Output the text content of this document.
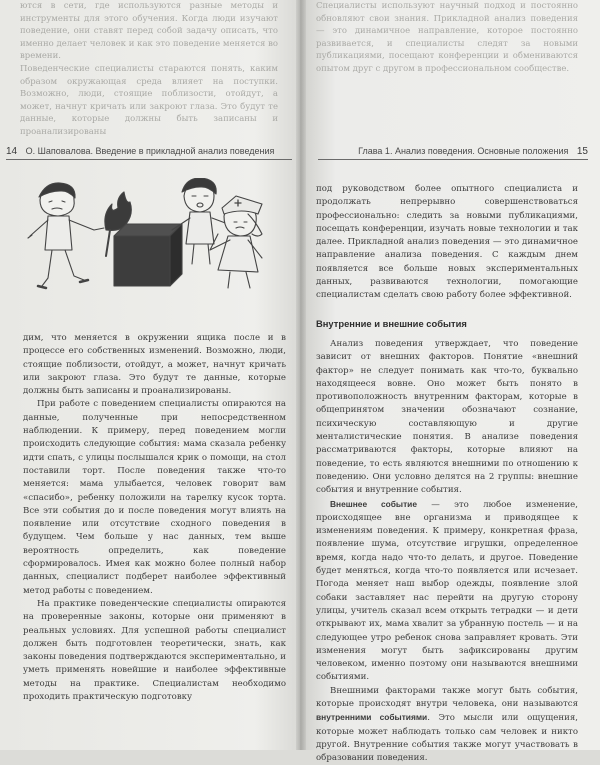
ются в сети, где используются разные методы и инструменты для этого обучения. Когда люди изучают поведение, они ставят перед собой задачу описать, что именно делает человек и как это поведение меняется во времени.

Поведенческие специалисты стараются понять, каким образом окружающая среда влияет на поступки. Возможно, люди, стоящие поблизости, отойдут, а может, начнут кричать или закроют глаза. Это будут те данные, которые должны быть записаны и проанализированы

Специалисты используют научный подход и постоянно обновляют свои знания. Прикладной анализ поведения — это динамичное направление, которое постоянно развивается, и специалисты следят за новыми публикациями, посещают конференции и обмениваются опытом друг с другом в профессиональном сообществе.

14 О. Шаповалова. Введение в прикладной анализ поведения	Глава 1. Анализ поведения. Основные положения 15

дим, что меняется в окружении ящика после и в процессе его собственных изменений. Возможно, люди, стоящие поблизости, отойдут, а может, начнут кричать или закроют глаза. Это будут те данные, которые должны быть записаны и проанализированы.

При работе с поведением специалисты опираются на данные, полученные при непосредственном наблюдении. К примеру, перед поведением могли происходить следующие события: мама сказала ребенку идти спать, с улицы послышался крик о помощи, на стол поставили торт. После поведения также что-то меняется: мама улыбается, человек говорит вам «спасибо», ребенку положили на тарелку кусок торта. Все эти события до и после поведения могут влиять на появление или отсутствие сходного поведения в будущем. Чем больше у нас данных, тем выше вероятность определить, как поведение сформировалось. Имея как можно более полный набор данных, специалист подберет наиболее эффективный метод работы с поведением.

На практике поведенческие специалисты опираются на проверенные законы, которые они применяют в реальных условиях. Для успешной работы специалист должен быть подготовлен теоретически, знать, как законы поведения подтверждаются экспериментально, и уметь применять новейшие и наиболее эффективные методы на практике. Специалистам необходимо проходить практическую подготовку

под руководством более опытного специалиста и продолжать непрерывно совершенствоваться профессионально: следить за новыми публикациями, посещать конференции, изучать новые технологии и так далее. Прикладной анализ поведения — это динамичное направление анализа поведения. С каждым днем появляется все больше новых экспериментальных данных, развиваются технологии, помогающие специалистам сделать свою работу более эффективной.

Внутренние и внешние события

Анализ поведения утверждает, что поведение зависит от внешних факторов. Понятие «внешний фактор» не следует понимать как что-то, буквально находящееся вовне. Оно может быть понято в противоположность внутренним факторам, которые в общепринятом значении обозначают сознание, психическую составляющую и другие менталистические понятия. В анализе поведения рассматриваются факторы, которые влияют на поведение, то есть являются внешними по отношению к поведению. Они условно делятся на 2 группы: внешние события и внутренние события.

Внешнее событие — это любое изменение, происходящее вне организма и приводящее к изменениям поведения. К примеру, конкретная фраза, появление шума, отсутствие игрушки, определенное время, когда надо что-то делать, и другое. Поведение будет меняться, когда что-то появляется или исчезает. Погода меняет наш выбор одежды, появление злой собаки заставляет нас перейти на другую сторону улицы, учитель сказал всем открыть тетрадки — и дети открывают их, мама хвалит за убранную постель — и на следующее утро ребенок снова заправляет кровать. Эти изменения могут быть зафиксированы другим человеком, именно поэтому они называются внешними событиями.

Внешними факторами также могут быть события, которые происходят внутри человека, они называются внутренними событиями. Это мысли или ощущения, которые может наблюдать только сам человек и никто другой. Внутренние события также могут участвовать в образовании поведения.
